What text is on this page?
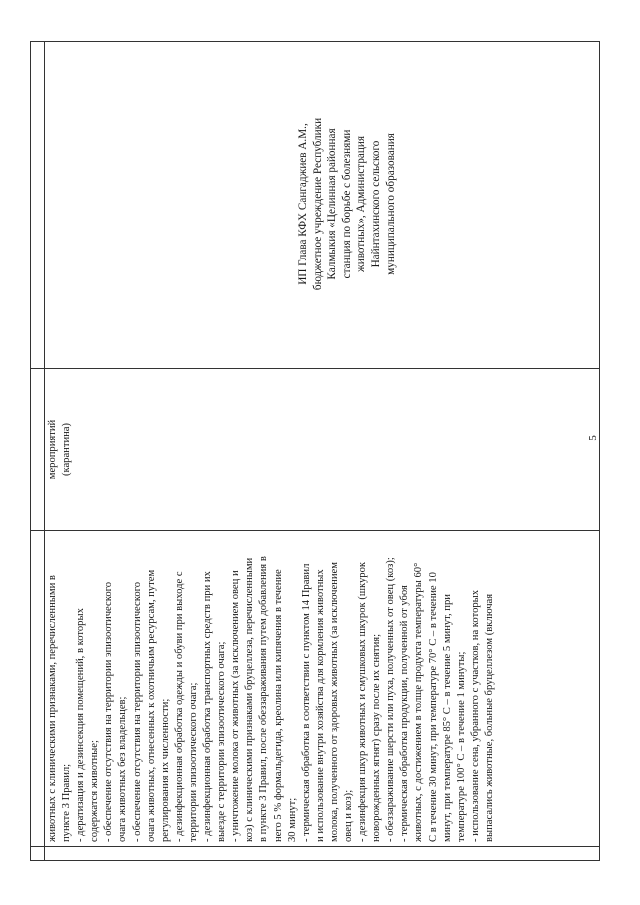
животных с клиническими признаками, перечисленными в пункте 3 Правил; - дератизация и дезинсекция помещений, в которых содержатся животные; - обеспечение отсутствия на территории эпизоотического очага животных без владельцев; - обеспечение отсутствия на территории эпизоотического очага животных, отнесенных к охотничьим ресурсам, путем регулирования их численности; - дезинфекционная обработка одежды и обуви при выходе с территории эпизоотического очага; - дезинфекционная обработка транспортных средств при их выезде с территории эпизоотического очага; - уничтожение молока от животных (за исключением овец и коз) с клиническими признаками бруцеллеза, перечисленными в пункте 3 Правил, после обеззараживания путем добавления в него 5 % формальдегида, креолина или кипячения в течение 30 минут; - термическая обработка в соответствии с пунктом 14 Правил и использование внутри хозяйства для кормления животных молока, полученного от здоровых животных (за исключением овец и коз); - дезинфекция шкур животных и смушковых шкурок (шкурок новорожденных ягнят) сразу после их снятия; - обеззараживание шерсти или пуха, полученных от овец (коз); - термическая обработка продукции, полученной от убоя животных, с достижением в толще продукта температуры 60° С в течение 30 минут, при температуре 70° С – в течение 10 минут, при температуре 85° С – в течение 5 минут, при температуре 100° С – в течение 1 минуты; - использование сена, убранного с участков, на которых выпасались животные, больные бруцеллезом (включая
мероприятий (карантина)
ИП Глава КФХ Сангаджиев А.М., бюджетное учреждение Республики Калмыкия «Целинная районная станция по борьбе с болезнями животных», Администрация Найнтахинского сельского муниципального образования
5
